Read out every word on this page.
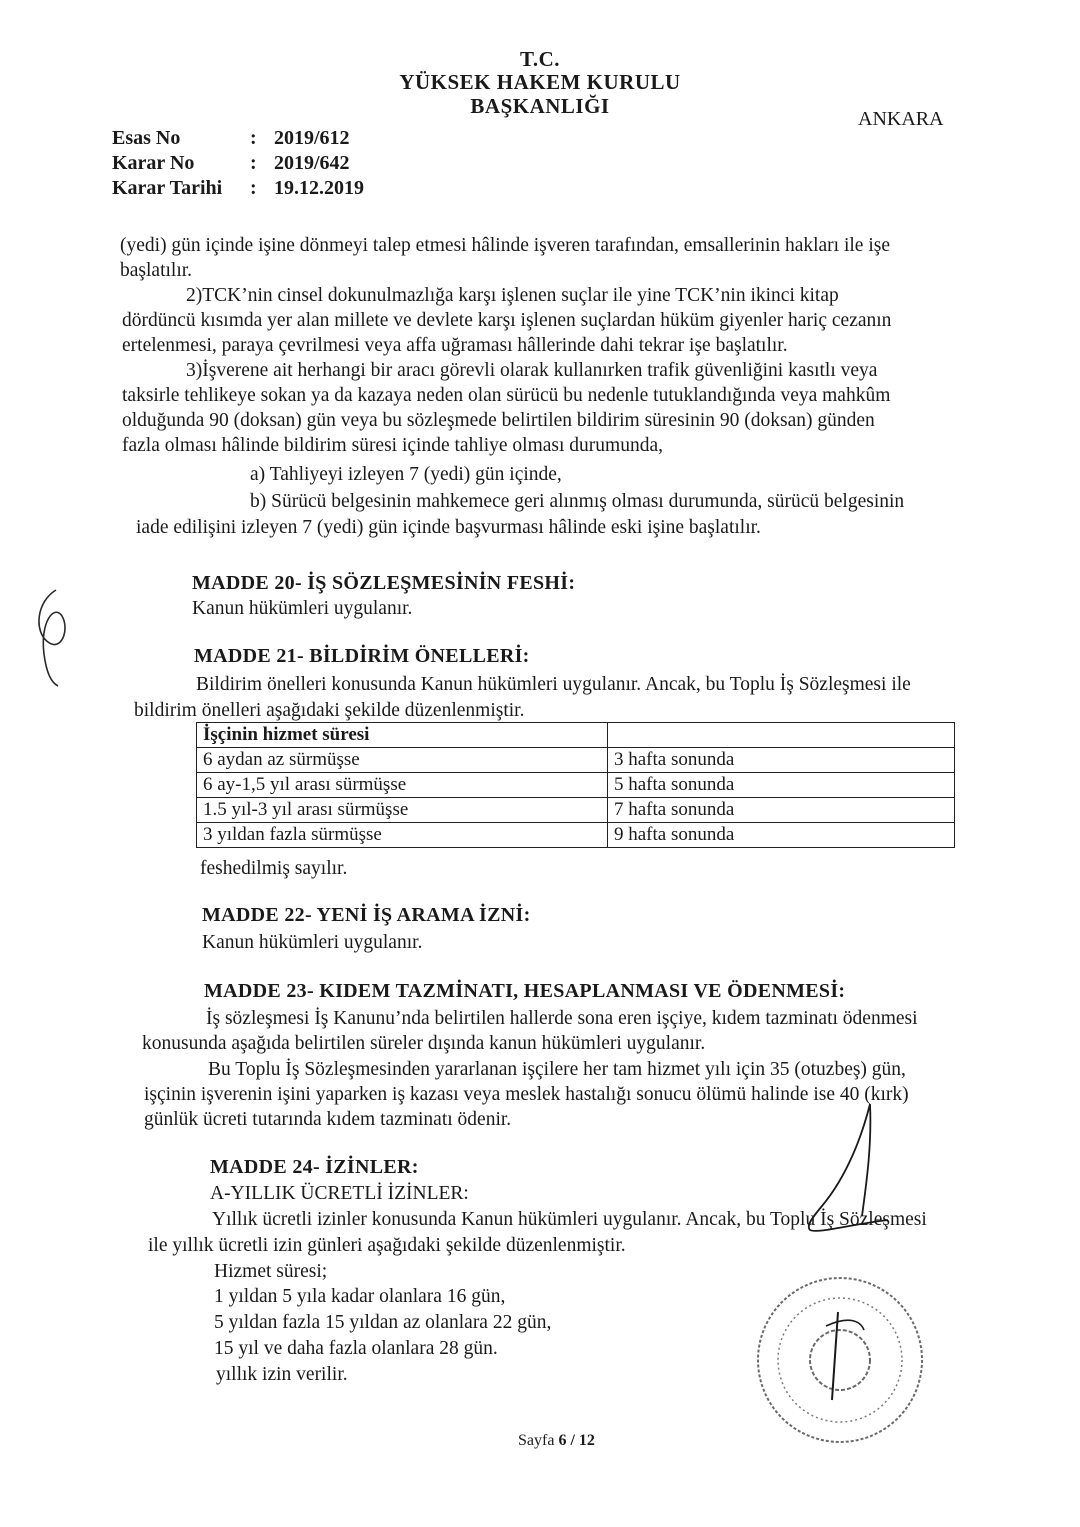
T.C.
YÜKSEK HAKEM KURULU
BAŞKANLIĞI
ANKARA
Esas No	: 2019/612
Karar No	: 2019/642
Karar Tarihi : 19.12.2019
(yedi) gün içinde işine dönmeyi talep etmesi hâlinde işveren tarafından, emsallerinin hakları ile işe
başlatılır.
2)TCK’nin cinsel dokunulmazlığa karşı işlenen suçlar ile yine TCK’nin ikinci kitap
dördüncü kısımda yer alan millete ve devlete karşı işlenen suçlardan hüküm giyenler hariç cezanın
ertelenmesi, paraya çevrilmesi veya affa uğraması hâllerinde dahi tekrar işe başlatılır.
3)İşverene ait herhangi bir aracı görevli olarak kullanırken trafik güvenliğini kasıtlı veya
taksirle tehlikeye sokan ya da kazaya neden olan sürücü bu nedenle tutuklandığında veya mahkûm
olduğunda 90 (doksan) gün veya bu sözleşmede belirtilen bildirim süresinin 90 (doksan) günden
fazla olması hâlinde bildirim süresi içinde tahliye olması durumunda,
a) Tahliyeyi izleyen 7 (yedi) gün içinde,
b) Sürücü belgesinin mahkemece geri alınmış olması durumunda, sürücü belgesinin
iade edilişini izleyen 7 (yedi) gün içinde başvurması hâlinde eski işine başlatılır.
MADDE 20- İŞ SÖZLEŞMESİNİN FESHİ:
Kanun hükümleri uygulanır.
MADDE 21- BİLDİRİM ÖNELLERİ:
Bildirim önelleri konusunda Kanun hükümleri uygulanır. Ancak, bu Toplu İş Sözleşmesi ile
bildirim önelleri aşağıdaki şekilde düzenlenmiştir.
İşçinin hizmet süresi	
6 aydan az sürmüşse	3 hafta sonunda
6 ay-1,5 yıl arası sürmüşse	5 hafta sonunda
1.5 yıl-3 yıl arası sürmüşse	7 hafta sonunda
3 yıldan fazla sürmüşse	9 hafta sonunda
feshedilmiş sayılır.
MADDE 22- YENİ İŞ ARAMA İZNİ:
Kanun hükümleri uygulanır.
MADDE 23- KIDEM TAZMİNATI, HESAPLANMASI VE ÖDENMESİ:
İş sözleşmesi İş Kanunu’nda belirtilen hallerde sona eren işçiye, kıdem tazminatı ödenmesi
konusunda aşağıda belirtilen süreler dışında kanun hükümleri uygulanır.
Bu Toplu İş Sözleşmesinden yararlanan işçilere her tam hizmet yılı için 35 (otuzbeş) gün,
işçinin işverenin işini yaparken iş kazası veya meslek hastalığı sonucu ölümü halinde ise 40 (kırk)
günlük ücreti tutarında kıdem tazminatı ödenir.
MADDE 24- İZİNLER:
A-YILLIK ÜCRETLİ İZİNLER:
Yıllık ücretli izinler konusunda Kanun hükümleri uygulanır. Ancak, bu Toplu İş Sözleşmesi
ile yıllık ücretli izin günleri aşağıdaki şekilde düzenlenmiştir.
Hizmet süresi;
1 yıldan 5 yıla kadar olanlara 16 gün,
5 yıldan fazla 15 yıldan az olanlara 22 gün,
15 yıl ve daha fazla olanlara 28 gün.
yıllık izin verilir.
Sayfa 6 / 12
